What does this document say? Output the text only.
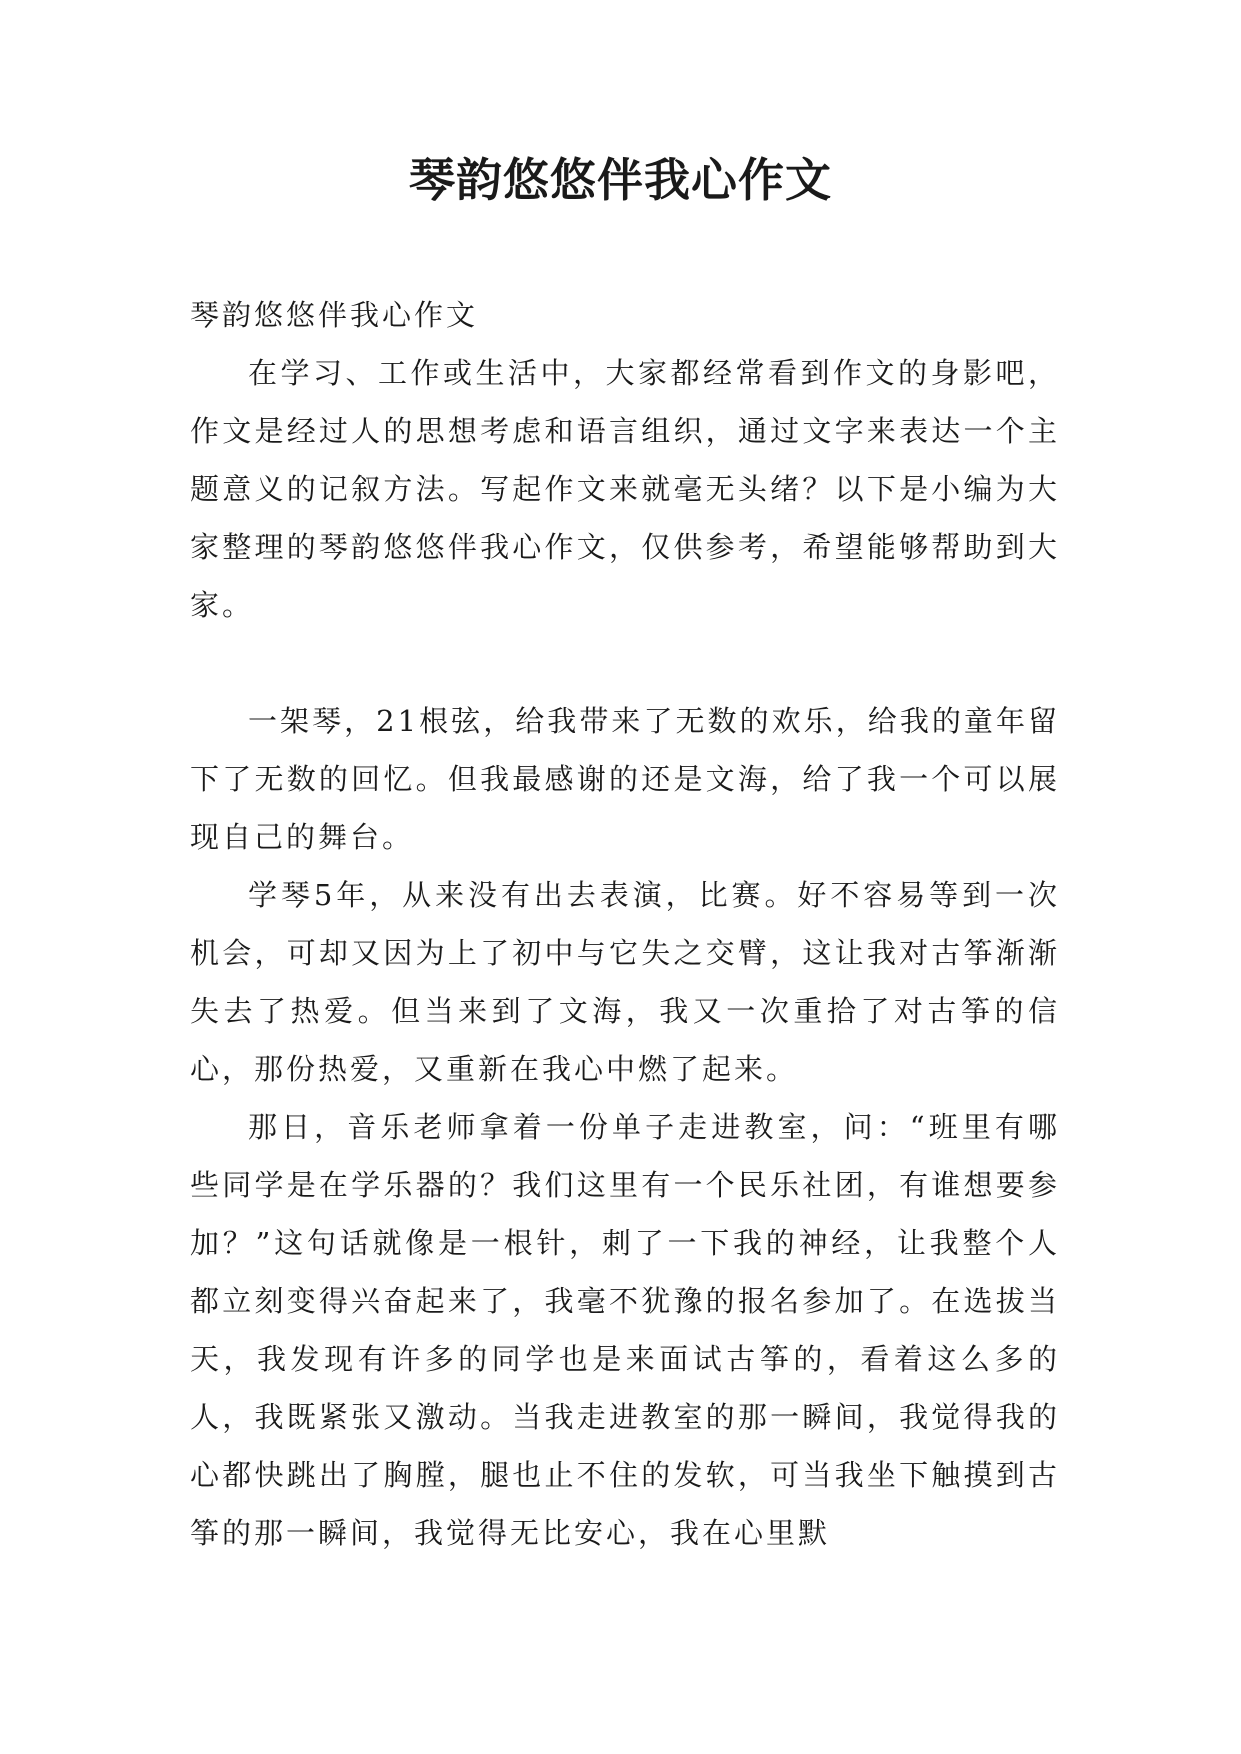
琴韵悠悠伴我心作文

琴韵悠悠伴我心作文

在学习、工作或生活中，大家都经常看到作文的身影吧，作文是经过人的思想考虑和语言组织，通过文字来表达一个主题意义的记叙方法。写起作文来就毫无头绪？以下是小编为大家整理的琴韵悠悠伴我心作文，仅供参考，希望能够帮助到大家。

一架琴，21根弦，给我带来了无数的欢乐，给我的童年留下了无数的回忆。但我最感谢的还是文海，给了我一个可以展现自己的舞台。

学琴5年，从来没有出去表演，比赛。好不容易等到一次机会，可却又因为上了初中与它失之交臂，这让我对古筝渐渐失去了热爱。但当来到了文海，我又一次重拾了对古筝的信心，那份热爱，又重新在我心中燃了起来。

那日，音乐老师拿着一份单子走进教室，问：“班里有哪些同学是在学乐器的？我们这里有一个民乐社团，有谁想要参加？”这句话就像是一根针，刺了一下我的神经，让我整个人都立刻变得兴奋起来了，我毫不犹豫的报名参加了。在选拔当天，我发现有许多的同学也是来面试古筝的，看着这么多的人，我既紧张又激动。当我走进教室的那一瞬间，我觉得我的心都快跳出了胸膛，腿也止不住的发软，可当我坐下触摸到古筝的那一瞬间，我觉得无比安心，我在心里默
